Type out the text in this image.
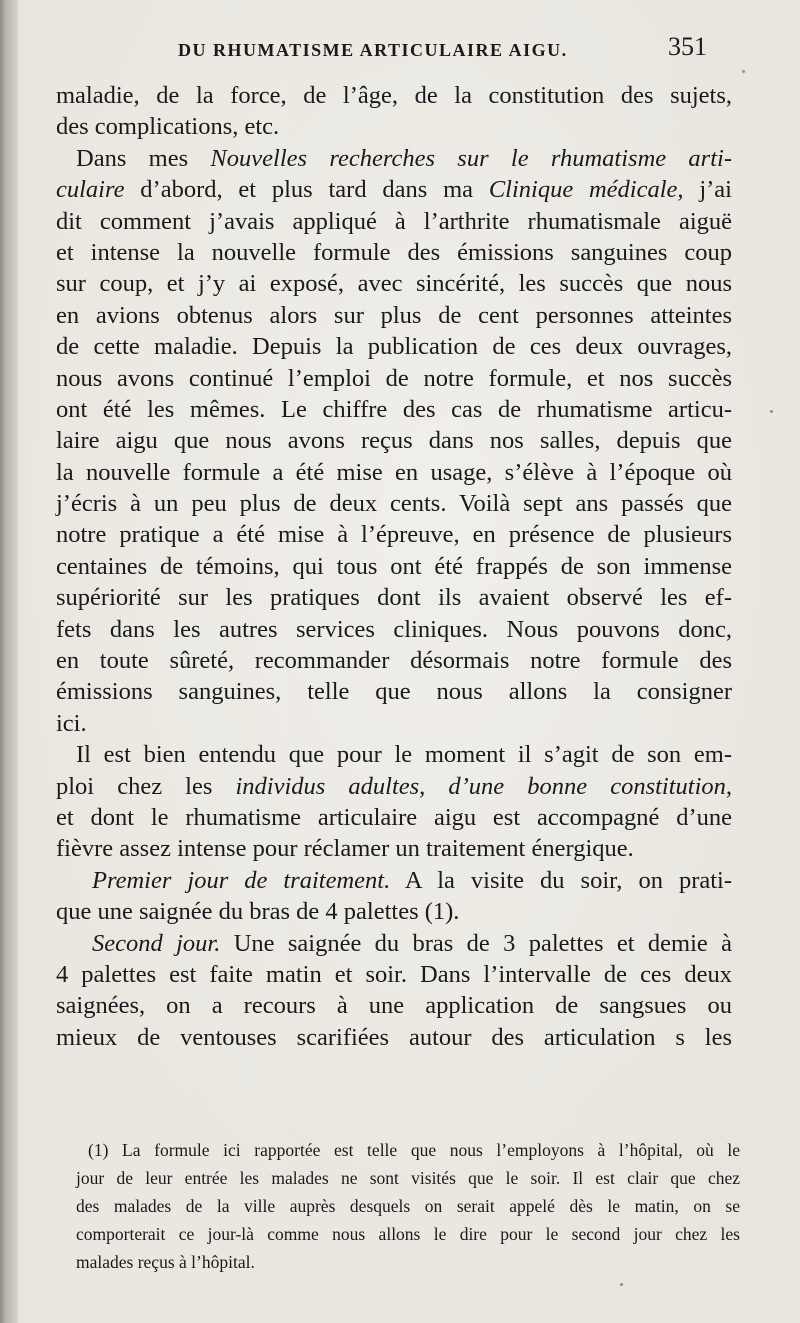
DU RHUMATISME ARTICULAIRE AIGU.	351
maladie, de la force, de l’âge, de la constitution des sujets,
des complications, etc.
Dans mes Nouvelles recherches sur le rhumatisme arti-
culaire d’abord, et plus tard dans ma Clinique médicale, j’ai
dit comment j’avais appliqué à l’arthrite rhumatismale aiguë
et intense la nouvelle formule des émissions sanguines coup
sur coup, et j’y ai exposé, avec sincérité, les succès que nous
en avions obtenus alors sur plus de cent personnes atteintes
de cette maladie. Depuis la publication de ces deux ouvrages,
nous avons continué l’emploi de notre formule, et nos succès
ont été les mêmes. Le chiffre des cas de rhumatisme articu-
laire aigu que nous avons reçus dans nos salles, depuis que
la nouvelle formule a été mise en usage, s’élève à l’époque où
j’écris à un peu plus de deux cents. Voilà sept ans passés que
notre pratique a été mise à l’épreuve, en présence de plusieurs
centaines de témoins, qui tous ont été frappés de son immense
supériorité sur les pratiques dont ils avaient observé les ef-
fets dans les autres services cliniques. Nous pouvons donc,
en toute sûreté, recommander désormais notre formule des
émissions sanguines, telle que nous allons la consigner
ici.
Il est bien entendu que pour le moment il s’agit de son em-
ploi chez les individus adultes, d’une bonne constitution,
et dont le rhumatisme articulaire aigu est accompagné d’une
fièvre assez intense pour réclamer un traitement énergique.
Premier jour de traitement. A la visite du soir, on prati-
que une saignée du bras de 4 palettes (1).
Second jour. Une saignée du bras de 3 palettes et demie à
4 palettes est faite matin et soir. Dans l’intervalle de ces deux
saignées, on a recours à une application de sangsues ou
mieux de ventouses scarifiées autour des articulation s les
(1) La formule ici rapportée est telle que nous l’employons à l’hôpital, où le
jour de leur entrée les malades ne sont visités que le soir. Il est clair que chez
des malades de la ville auprès desquels on serait appelé dès le matin, on se
comporterait ce jour-là comme nous allons le dire pour le second jour chez les
malades reçus à l’hôpital.
